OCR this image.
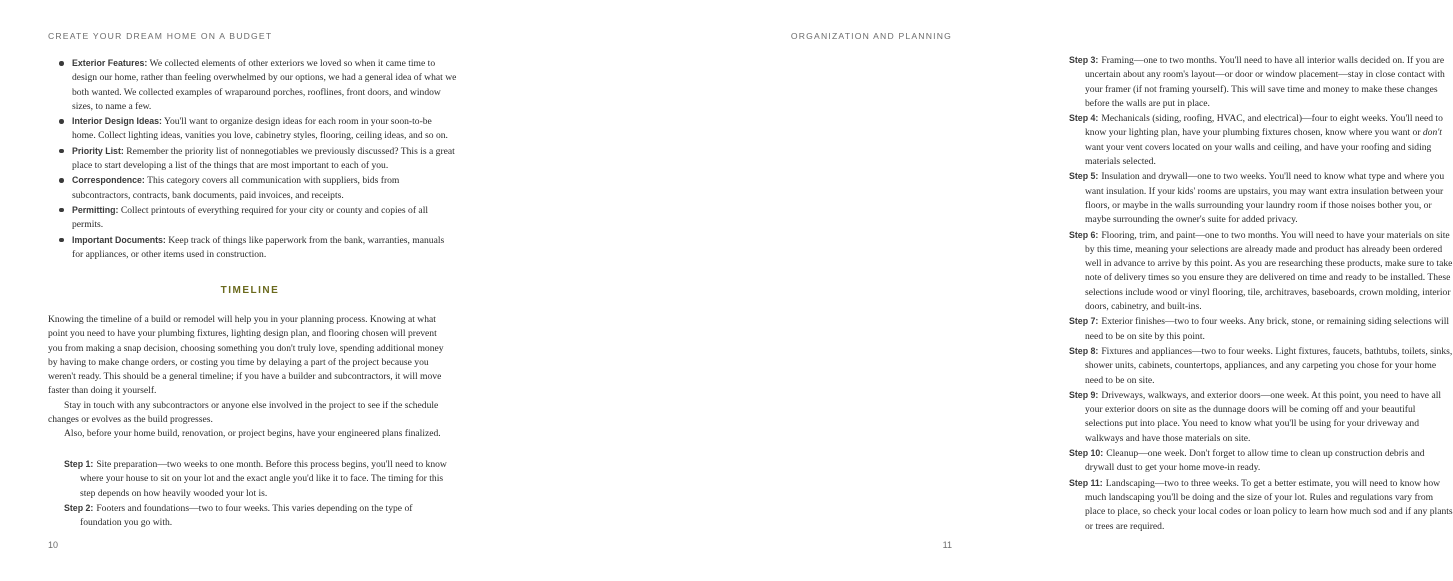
CREATE YOUR DREAM HOME ON A BUDGET
Exterior Features: We collected elements of other exteriors we loved so when it came time to design our home, rather than feeling overwhelmed by our options, we had a general idea of what we both wanted. We collected examples of wraparound porches, rooflines, front doors, and window sizes, to name a few.
Interior Design Ideas: You'll want to organize design ideas for each room in your soon-to-be home. Collect lighting ideas, vanities you love, cabinetry styles, flooring, ceiling ideas, and so on.
Priority List: Remember the priority list of nonnegotiables we previously discussed? This is a great place to start developing a list of the things that are most important to each of you.
Correspondence: This category covers all communication with suppliers, bids from subcontractors, contracts, bank documents, paid invoices, and receipts.
Permitting: Collect printouts of everything required for your city or county and copies of all permits.
Important Documents: Keep track of things like paperwork from the bank, warranties, manuals for appliances, or other items used in construction.
TIMELINE

Knowing the timeline of a build or remodel will help you in your planning process. Knowing at what point you need to have your plumbing fixtures, lighting design plan, and flooring chosen will prevent you from making a snap decision, choosing something you don't truly love, spending additional money by having to make change orders, or costing you time by delaying a part of the project because you weren't ready. This should be a general timeline; if you have a builder and subcontractors, it will move faster than doing it yourself.

Stay in touch with any subcontractors or anyone else involved in the project to see if the schedule changes or evolves as the build progresses.

Also, before your home build, renovation, or project begins, have your engineered plans finalized.

Step 1: Site preparation—two weeks to one month. Before this process begins, you'll need to know where your house to sit on your lot and the exact angle you'd like it to face. The timing for this step depends on how heavily wooded your lot is.

Step 2: Footers and foundations—two to four weeks. This varies depending on the type of foundation you go with.

10
ORGANIZATION AND PLANNING

Step 3: Framing—one to two months. You'll need to have all interior walls decided on. If you are uncertain about any room's layout—or door or window placement—stay in close contact with your framer (if not framing yourself). This will save time and money to make these changes before the walls are put in place.

Step 4: Mechanicals (siding, roofing, HVAC, and electrical)—four to eight weeks. You'll need to know your lighting plan, have your plumbing fixtures chosen, know where you want or don't want your vent covers located on your walls and ceiling, and have your roofing and siding materials selected.

Step 5: Insulation and drywall—one to two weeks. You'll need to know what type and where you want insulation. If your kids' rooms are upstairs, you may want extra insulation between your floors, or maybe in the walls surrounding your laundry room if those noises bother you, or maybe surrounding the owner's suite for added privacy.

Step 6: Flooring, trim, and paint—one to two months. You will need to have your materials on site by this time, meaning your selections are already made and product has already been ordered well in advance to arrive by this point. As you are researching these products, make sure to take note of delivery times so you ensure they are delivered on time and ready to be installed. These selections include wood or vinyl flooring, tile, architraves, baseboards, crown molding, interior doors, cabinetry, and built-ins.

Step 7: Exterior finishes—two to four weeks. Any brick, stone, or remaining siding selections will need to be on site by this point.

Step 8: Fixtures and appliances—two to four weeks. Light fixtures, faucets, bathtubs, toilets, sinks, shower units, cabinets, countertops, appliances, and any carpeting you chose for your home need to be on site.

Step 9: Driveways, walkways, and exterior doors—one week. At this point, you need to have all your exterior doors on site as the dunnage doors will be coming off and your beautiful selections put into place. You need to know what you'll be using for your driveway and walkways and have those materials on site.

Step 10: Cleanup—one week. Don't forget to allow time to clean up construction debris and drywall dust to get your home move-in ready.

Step 11: Landscaping—two to three weeks. To get a better estimate, you will need to know how much landscaping you'll be doing and the size of your lot. Rules and regulations vary from place to place, so check your local codes or loan policy to learn how much sod and if any plants or trees are required.

11
